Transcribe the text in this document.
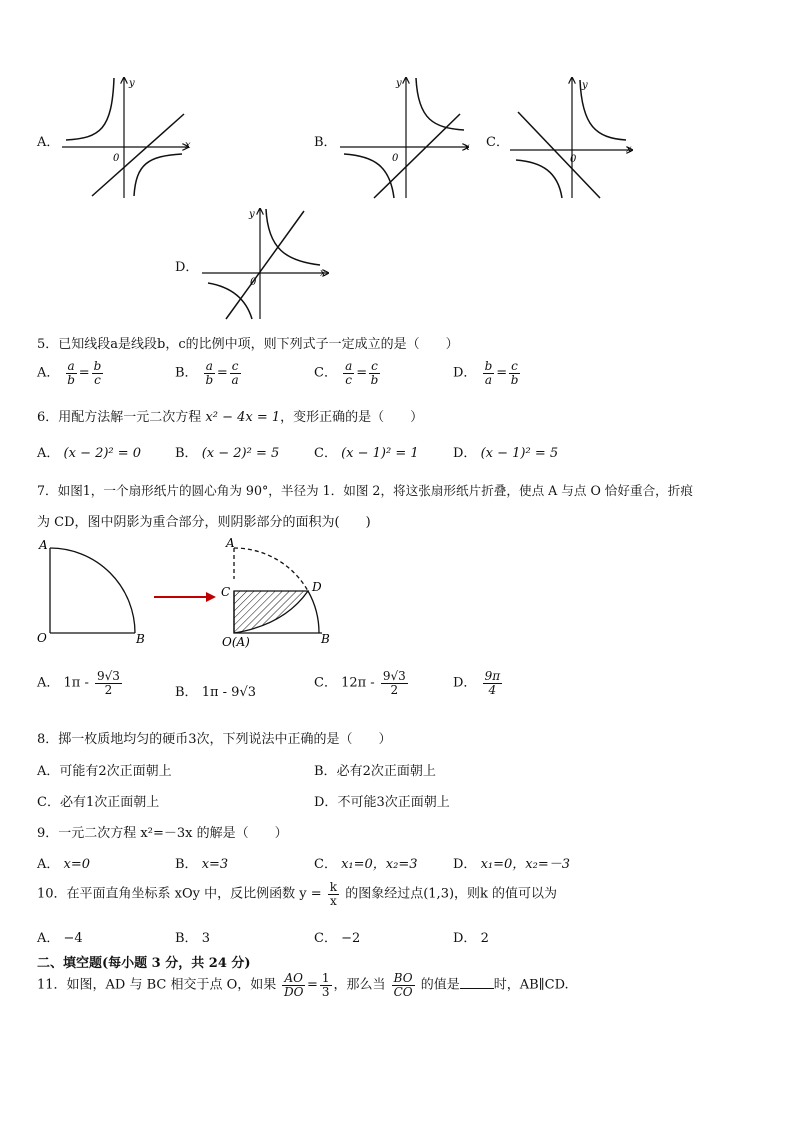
A．
y
x
0
B．
y
x
0
C．
y
x
0
D．
y
x
0
5．已知线段a是线段b，c的比例中项，则下列式子一定成立的是（　　）
A． $\frac{a}{b} = \frac{b}{c}$	B． $\frac{a}{b} = \frac{c}{a}$	C． $\frac{a}{c} = \frac{c}{b}$	D． $\frac{b}{a} = \frac{c}{b}$
6．用配方法解一元二次方程 x² − 4x = 1，变形正确的是（　　）
A． (x − 2)² = 0	B． (x − 2)² = 5	C． (x − 1)² = 1	D． (x − 1)² = 5
7．如图1，一个扇形纸片的圆心角为 90°，半径为 1．如图 2，将这张扇形纸片折叠，使点 A 与点 O 恰好重合，折痕
为 CD，图中阴影为重合部分，则阴影部分的面积为(　　)
A
O	B
A
C	D
O(A)	B
A． $1\pi - \frac{9√3}{2}$	B． 1π - 9√3
C． $12\pi - \frac{9√3}{2}$	D． $\frac{9\pi}{4}$
8．掷一枚质地均匀的硬币3次，下列说法中正确的是（　　）
A．可能有2次正面朝上	B．必有2次正面朝上
C．必有1次正面朝上	D．不可能3次正面朝上
9．一元二次方程 x²=－3x 的解是（　　）
A． x=0	B． x=3	C． x₁=0，x₂=3	D． x₁=0，x₂=－3
10．在平面直角坐标系 xOy 中，反比例函数 $y = \frac{k}{x}$ 的图象经过点(1,3)，则k 的值可以为
A． −4	B． 3	C． −2	D． 2
二、填空题(每小题 3 分，共 24 分)
11．如图，AD 与 BC 相交于点 O，如果 $\frac{AO}{DO} = \frac{1}{3}$ ，那么当 $\frac{BO}{CO}$ 的值是	时，AB∥CD.
